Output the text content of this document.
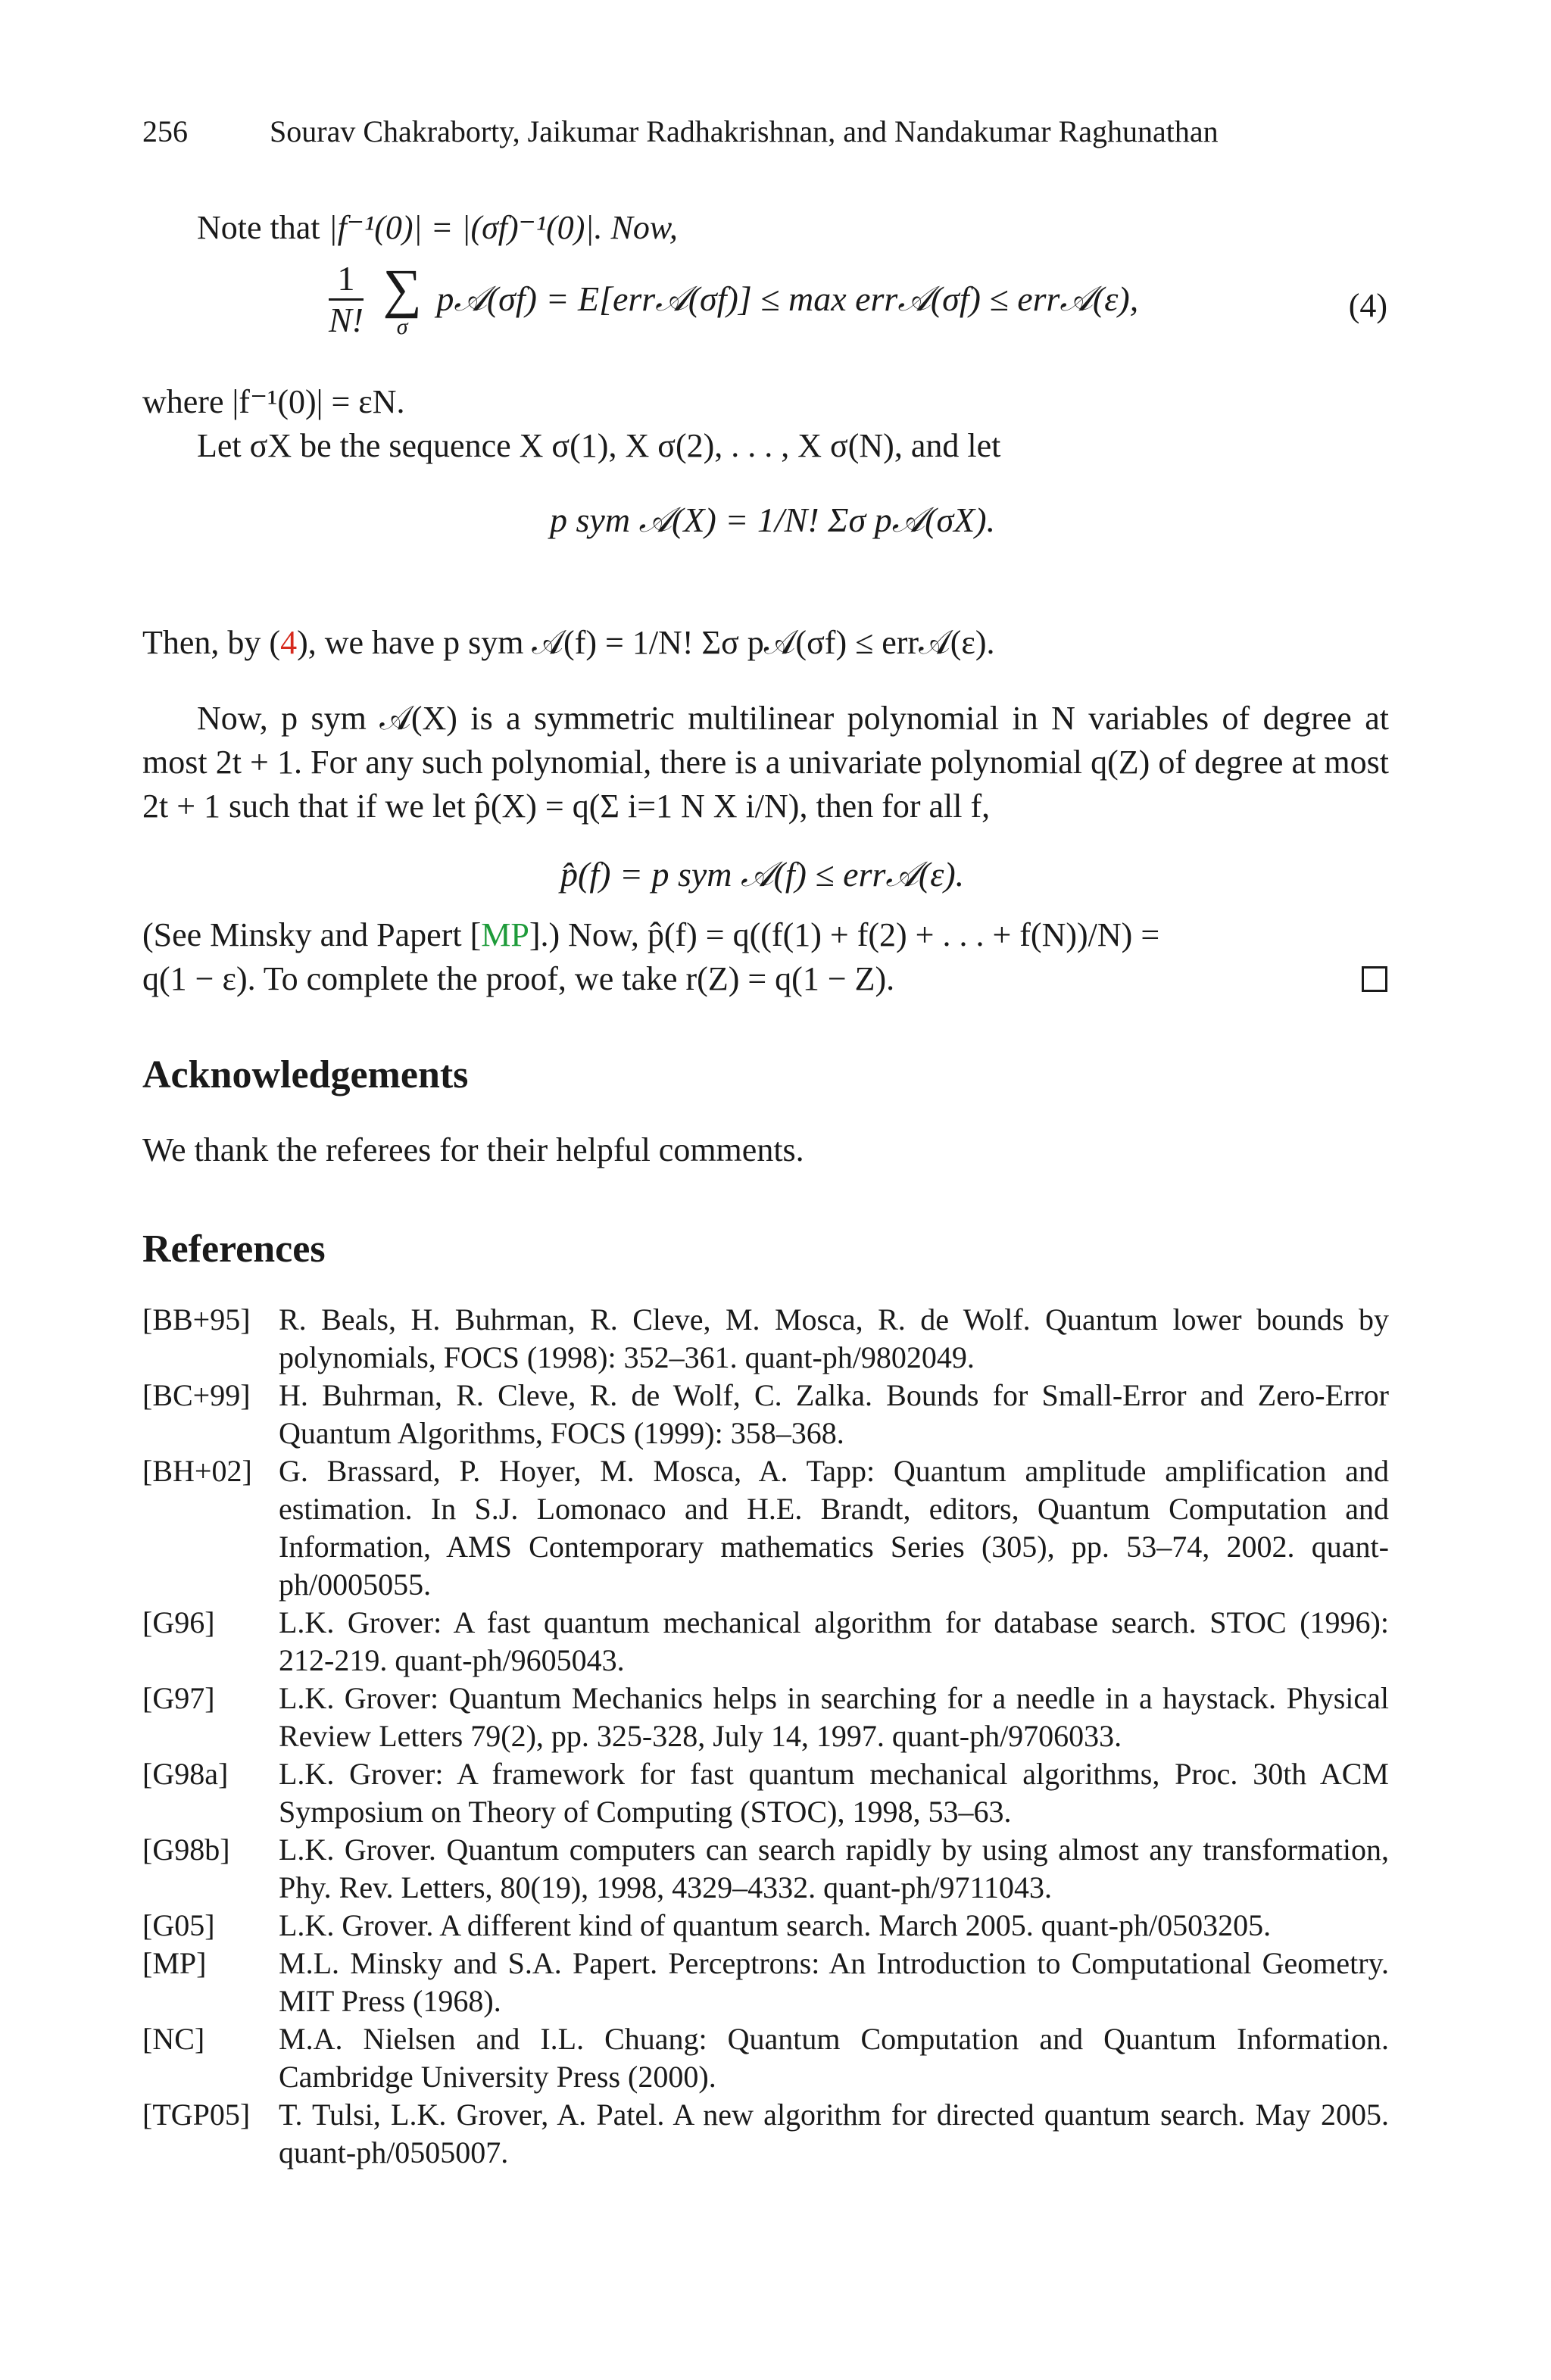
256	Sourav Chakraborty, Jaikumar Radhakrishnan, and Nandakumar Raghunathan
Note that |f⁻¹(0)| = |(σf)⁻¹(0)|. Now,
$\frac{1}{N!}$
∑
σ
p𝒜(σf) = E[err𝒜(σf)] ≤ max err𝒜(σf) ≤ err𝒜(ε),	(4)
where |f⁻¹(0)| = εN.
Let σX be the sequence X σ(1), X σ(2), . . . , X σ(N), and let
p sym 𝒜(X) = 1/N! Σσ p𝒜(σX).
Then, by (4), we have p sym 𝒜(f) = 1/N! Σσ p𝒜(σf) ≤ err𝒜(ε).
Now, p sym 𝒜(X) is a symmetric multilinear polynomial in N variables of degree at most 2t + 1. For any such polynomial, there is a univariate polynomial q(Z) of degree at most 2t + 1 such that if we let p̂(X) = q(Σ i=1 N X i/N), then for all f,
p̂(f) = p sym 𝒜(f) ≤ err𝒜(ε).
(See Minsky and Papert [MP].) Now, p̂(f) = q((f(1) + f(2) + . . . + f(N))/N) =
q(1 − ε). To complete the proof, we take r(Z) = q(1 − Z).
Acknowledgements
We thank the referees for their helpful comments.
References
[BB+95] R. Beals, H. Buhrman, R. Cleve, M. Mosca, R. de Wolf. Quantum lower bounds by polynomials, FOCS (1998): 352–361. quant-ph/9802049.
[BC+99] H. Buhrman, R. Cleve, R. de Wolf, C. Zalka. Bounds for Small-Error and Zero-Error Quantum Algorithms, FOCS (1999): 358–368.
[BH+02] G. Brassard, P. Hoyer, M. Mosca, A. Tapp: Quantum amplitude amplification and estimation. In S.J. Lomonaco and H.E. Brandt, editors, Quantum Computation and Information, AMS Contemporary mathematics Series (305), pp. 53–74, 2002. quant-ph/0005055.
[G96]	L.K. Grover: A fast quantum mechanical algorithm for database search. STOC (1996): 212-219. quant-ph/9605043.
[G97]	L.K. Grover: Quantum Mechanics helps in searching for a needle in a haystack. Physical Review Letters 79(2), pp. 325-328, July 14, 1997. quant-ph/9706033.
[G98a]	L.K. Grover: A framework for fast quantum mechanical algorithms, Proc. 30th ACM Symposium on Theory of Computing (STOC), 1998, 53–63.
[G98b]	L.K. Grover. Quantum computers can search rapidly by using almost any transformation, Phy. Rev. Letters, 80(19), 1998, 4329–4332. quant-ph/9711043.
[G05]	L.K. Grover. A different kind of quantum search. March 2005. quant-ph/0503205.
[MP]	M.L. Minsky and S.A. Papert. Perceptrons: An Introduction to Computational Geometry. MIT Press (1968).
[NC]	M.A. Nielsen and I.L. Chuang: Quantum Computation and Quantum Information. Cambridge University Press (2000).
[TGP05] T. Tulsi, L.K. Grover, A. Patel. A new algorithm for directed quantum search. May 2005. quant-ph/0505007.
